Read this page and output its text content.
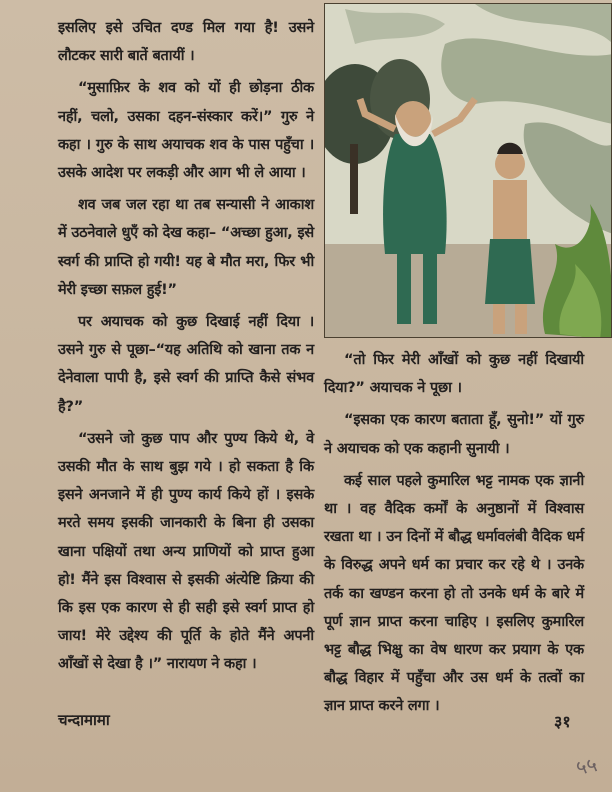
इसलिए इसे उचित दण्ड मिल गया है! उसने लौटकर सारी बातें बतायीं ।

“मुसाफ़िर के शव को यों ही छोड़ना ठीक नहीं, चलो, उसका दहन-संस्कार करें।” गुरु ने कहा । गुरु के साथ अयाचक शव के पास पहुँचा । उसके आदेश पर लकड़ी और आग भी ले आया ।

शव जब जल रहा था तब सन्यासी ने आकाश में उठनेवाले धुएँ को देख कहा– “अच्छा हुआ, इसे स्वर्ग की प्राप्ति हो गयी! यह बे मौत मरा, फिर भी मेरी इच्छा सफ़ल हुई!”

पर अयाचक को कुछ दिखाई नहीं दिया । उसने गुरु से पूछा–“यह अतिथि को खाना तक न देनेवाला पापी है, इसे स्वर्ग की प्राप्ति कैसे संभव है?”

“उसने जो कुछ पाप और पुण्य किये थे, वे उसकी मौत के साथ बुझ गये । हो सकता है कि इसने अनजाने में ही पुण्य कार्य किये हों । इसके मरते समय इसकी जानकारी के बिना ही उसका खाना पक्षियों तथा अन्य प्राणियों को प्राप्त हुआ हो! मैंने इस विश्वास से इसकी अंत्येष्टि क्रिया की कि इस एक कारण से ही सही इसे स्वर्ग प्राप्त हो जाय! मेरे उद्देश्य की पूर्ति के होते मैंने अपनी आँखों से देखा है ।” नारायण ने कहा ।

“तो फिर मेरी आँखों को कुछ नहीं दिखायी दिया?” अयाचक ने पूछा ।

“इसका एक कारण बताता हूँ, सुनो!” यों गुरु ने अयाचक को एक कहानी सुनायी ।

कई साल पहले कुमारिल भट्ट नामक एक ज्ञानी था । वह वैदिक कर्मों के अनुष्ठानों में विश्वास रखता था । उन दिनों में बौद्ध धर्मावलंबी वैदिक धर्म के विरुद्ध अपने धर्म का प्रचार कर रहे थे । उनके तर्क का खण्डन करना हो तो उनके धर्म के बारे में पूर्ण ज्ञान प्राप्त करना चाहिए । इसलिए कुमारिल भट्ट बौद्ध भिक्षु का वेष धारण कर प्रयाग के एक बौद्ध विहार में पहुँचा और उस धर्म के तत्वों का ज्ञान प्राप्त करने लगा ।

चन्दामामा	३१
५५
